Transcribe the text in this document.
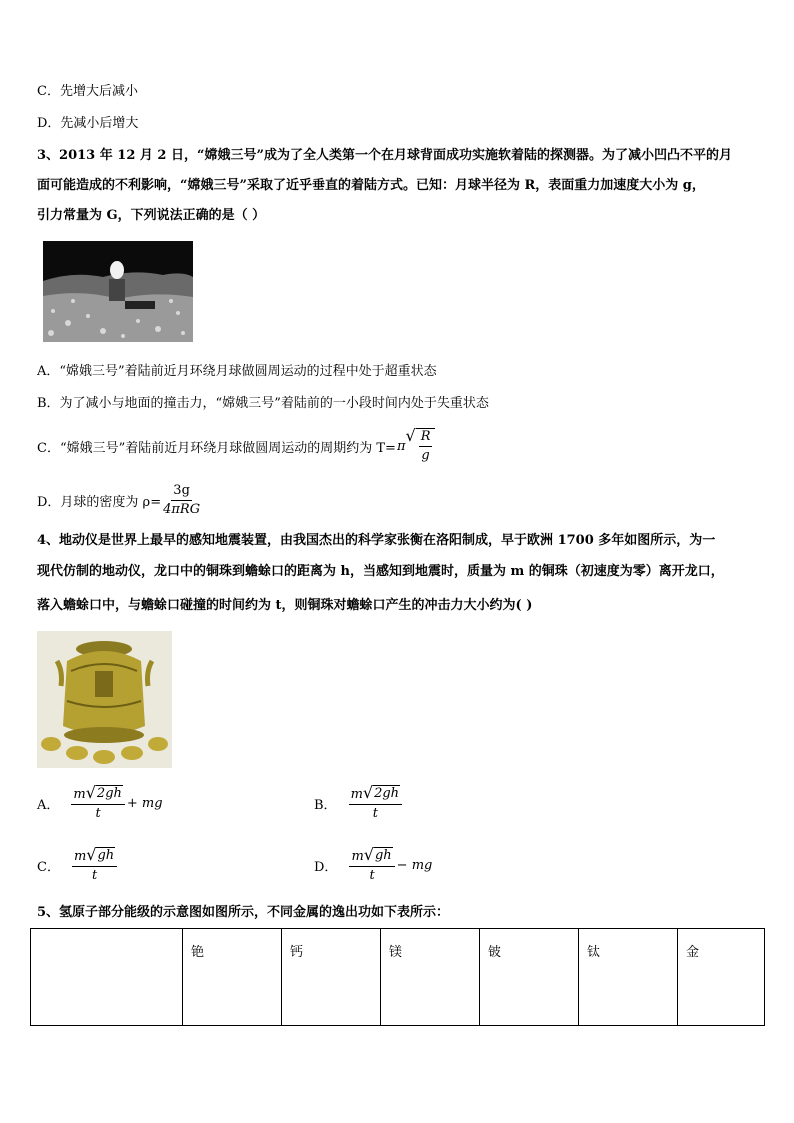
C．先增大后减小
D．先减小后增大
3、2013 年 12 月 2 日，“嫦娥三号”成为了全人类第一个在月球背面成功实施软着陆的探测器。为了减小凹凸不平的月
面可能造成的不利影响，“嫦娥三号”采取了近乎垂直的着陆方式。已知：月球半径为 R，表面重力加速度大小为 g，
引力常量为 G，下列说法正确的是（ ）
A．“嫦娥三号”着陆前近月环绕月球做圆周运动的过程中处于超重状态
B．为了减小与地面的撞击力，“嫦娥三号”着陆前的一小段时间内处于失重状态
C．“嫦娥三号”着陆前近月环绕月球做圆周运动的周期约为 T= π
√ $\frac{R}{g}$
D．月球的密度为 $\rho= \frac{3g}{\text{4πRG}}$
4、地动仪是世界上最早的感知地震装置，由我国杰出的科学家张衡在洛阳制成，早于欧洲 1700 多年如图所示，为一
现代仿制的地动仪，龙口中的铜珠到蟾蜍口的距离为 h，当感知到地震时，质量为 m 的铜珠（初速度为零）离开龙口，
落入蟾蜍口中，与蟾蜍口碰撞的时间约为 t，则铜珠对蟾蜍口产生的冲击力大小约为( )
A． $\frac{m √ 2gh}{t}$ + mg	B． $\frac{m √ 2gh}{t}$
C． $\frac{m √ gh}{t}$	D． $\frac{m √ gh}{t}$ − mg
5、氢原子部分能级的示意图如图所示，不同金属的逸出功如下表所示：
	铯	钙	镁	铍	钛	金
